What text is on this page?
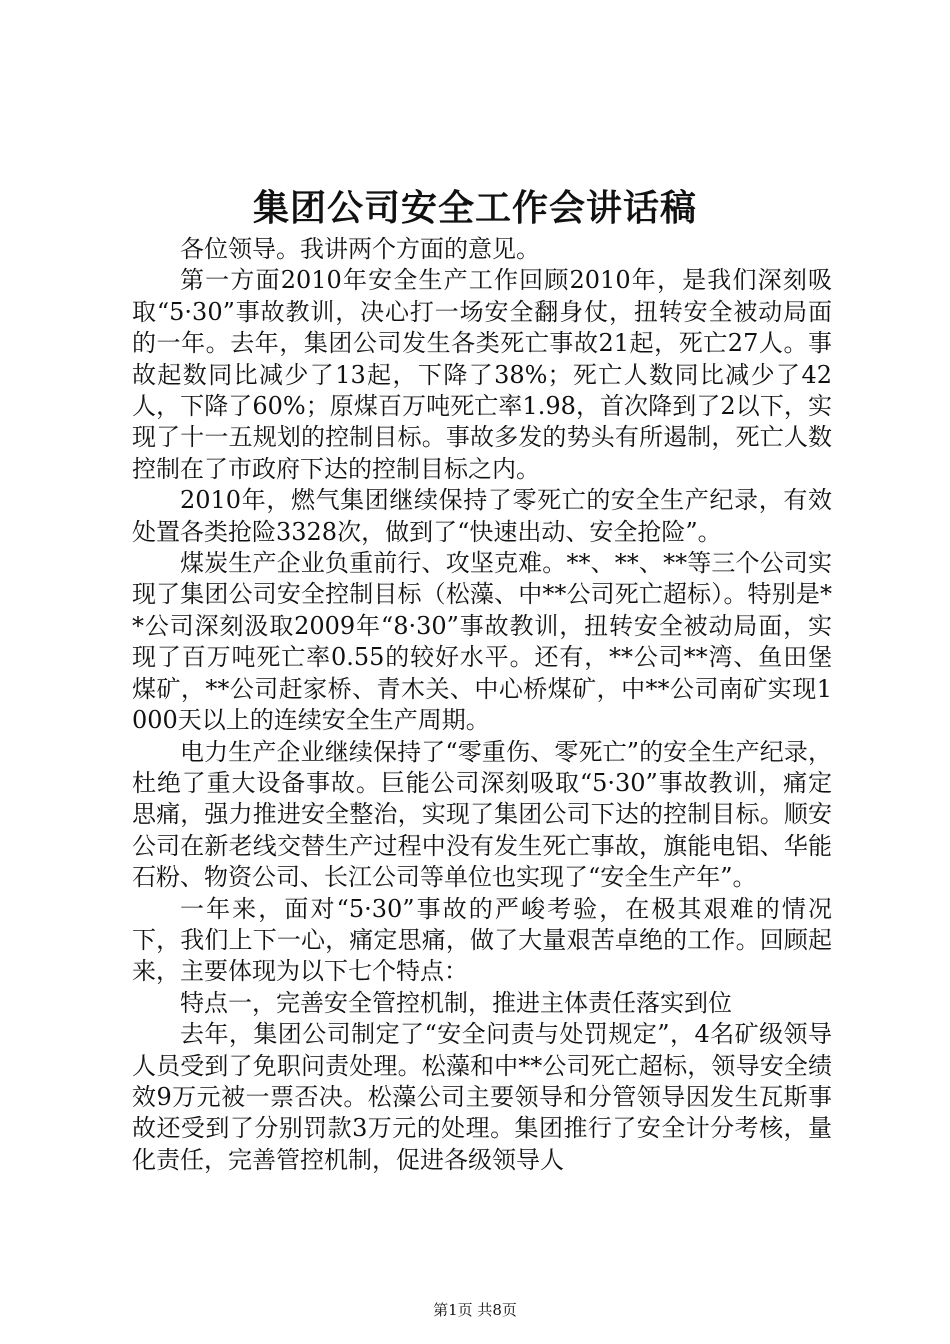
集团公司安全工作会讲话稿

各位领导。我讲两个方面的意见。

第一方面2010年安全生产工作回顾2010年，是我们深刻吸取“5·30”事故教训，决心打一场安全翻身仗，扭转安全被动局面的一年。去年，集团公司发生各类死亡事故21起，死亡27人。事故起数同比减少了13起，下降了38%；死亡人数同比减少了42人，下降了60%；原煤百万吨死亡率1.98，首次降到了2以下，实现了十一五规划的控制目标。事故多发的势头有所遏制，死亡人数控制在了市政府下达的控制目标之内。

2010年，燃气集团继续保持了零死亡的安全生产纪录，有效处置各类抢险3328次，做到了“快速出动、安全抢险”。

煤炭生产企业负重前行、攻坚克难。**、**、**等三个公司实现了集团公司安全控制目标（松藻、中**公司死亡超标）。特别是**公司深刻汲取2009年“8·30”事故教训，扭转安全被动局面，实现了百万吨死亡率0.55的较好水平。还有，**公司**湾、鱼田堡煤矿，**公司赶家桥、青木关、中心桥煤矿，中**公司南矿实现1000天以上的连续安全生产周期。

电力生产企业继续保持了“零重伤、零死亡”的安全生产纪录，杜绝了重大设备事故。巨能公司深刻吸取“5·30”事故教训，痛定思痛，强力推进安全整治，实现了集团公司下达的控制目标。顺安公司在新老线交替生产过程中没有发生死亡事故，旗能电铝、华能石粉、物资公司、长江公司等单位也实现了“安全生产年”。

一年来，面对“5·30”事故的严峻考验，在极其艰难的情况下，我们上下一心，痛定思痛，做了大量艰苦卓绝的工作。回顾起来，主要体现为以下七个特点：

特点一，完善安全管控机制，推进主体责任落实到位

去年，集团公司制定了“安全问责与处罚规定”，4名矿级领导人员受到了免职问责处理。松藻和中**公司死亡超标，领导安全绩效9万元被一票否决。松藻公司主要领导和分管领导因发生瓦斯事故还受到了分别罚款3万元的处理。集团推行了安全计分考核，量化责任，完善管控机制，促进各级领导人

第1页 共8页
